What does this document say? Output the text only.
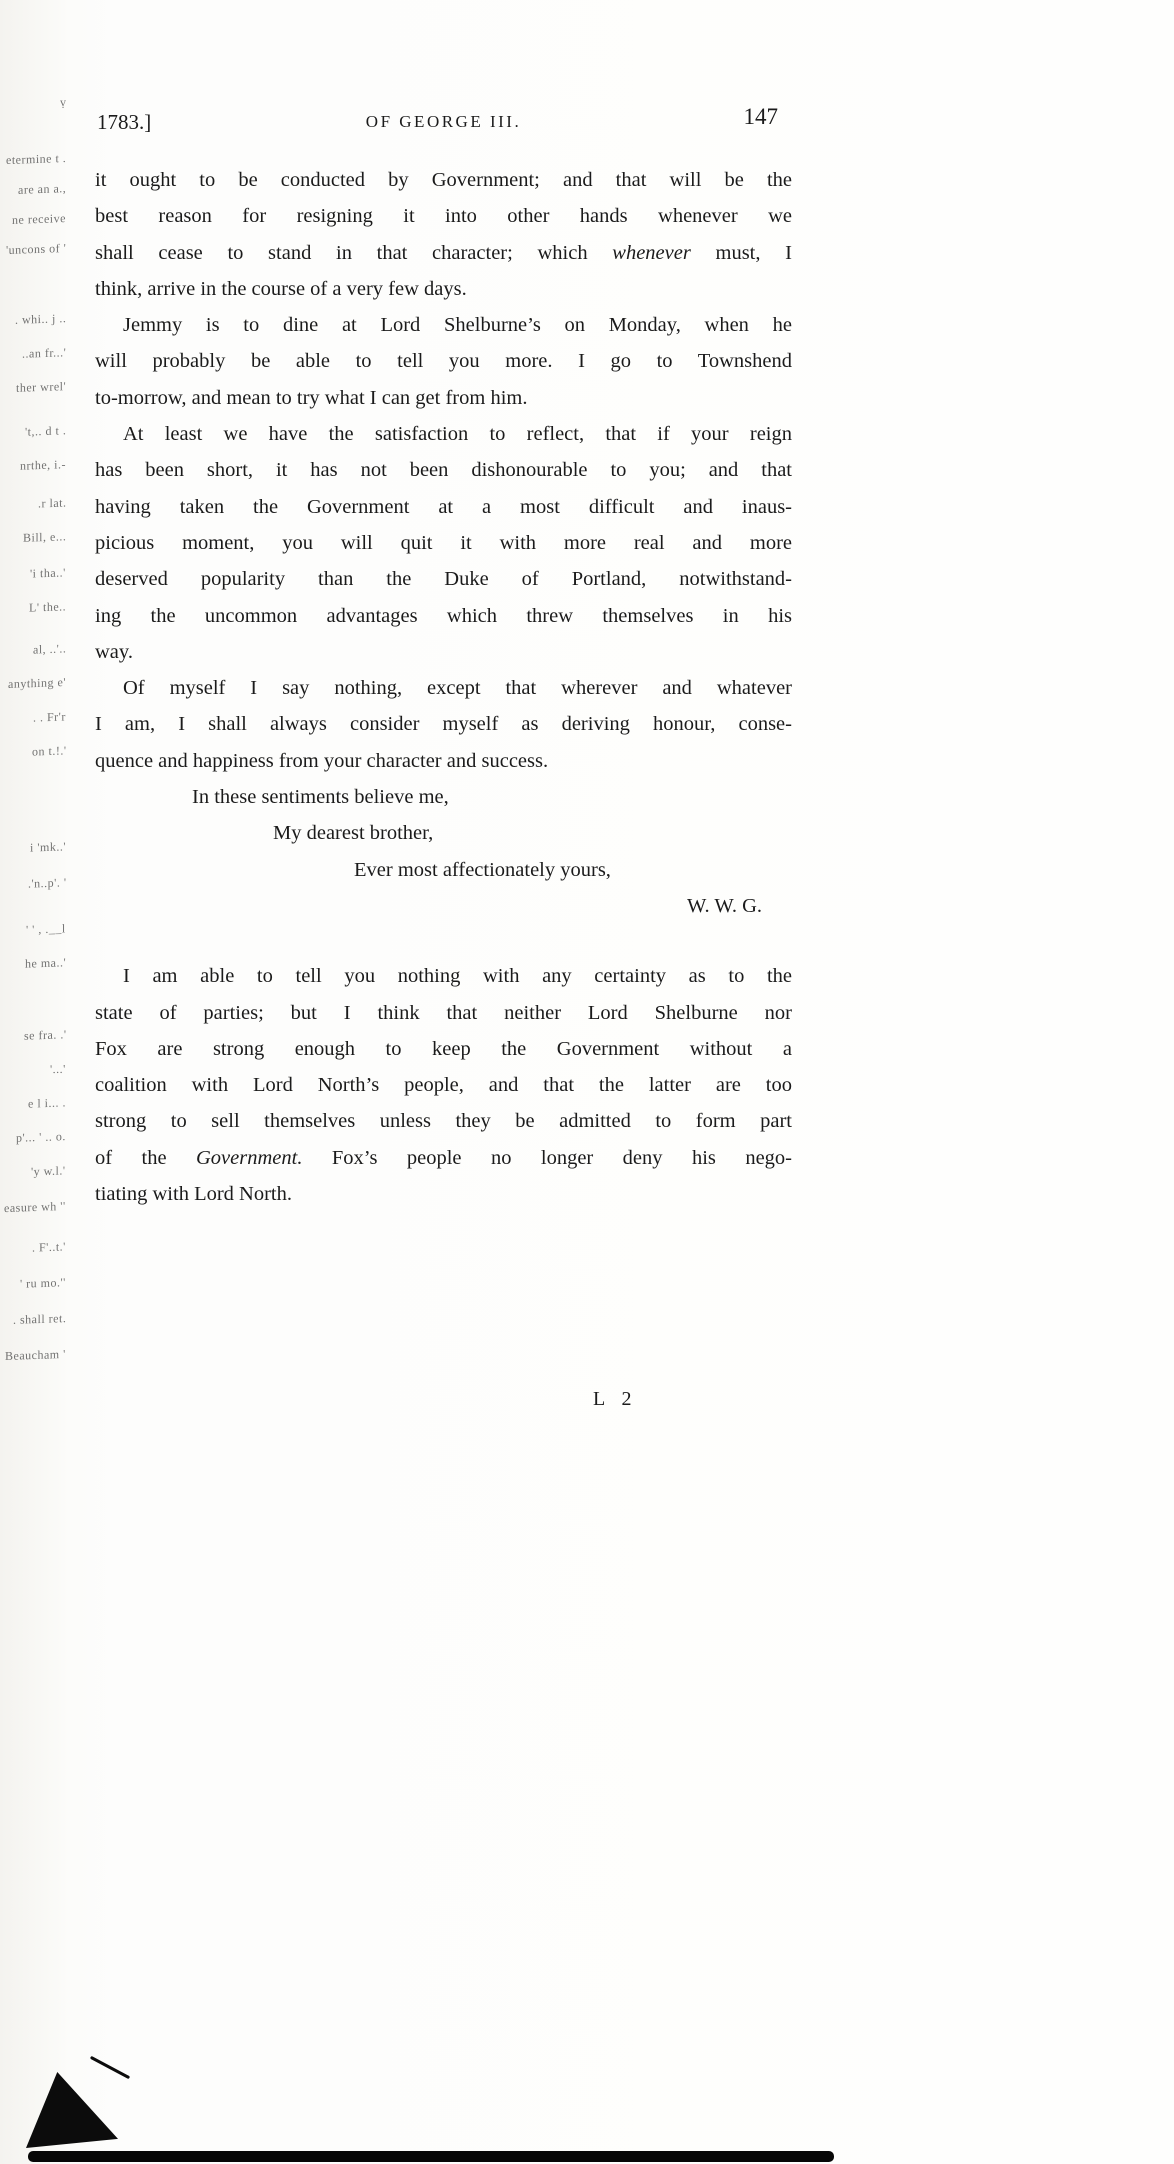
ṿ
etermine t .
are an a.,
ne receive
'uncons of '
. whi.. j ..
..an fr...'
ther wrel'
't,.. d t .
nrthe, i.-
.r lat.
Bill, e...
'i tha..'
L' the..
al, ..'..
anything e'
. . Fr'r
on t.!.'
i 'mk..'
.'n..p'. '
' ' , .__l
he ma..'
se fra. .'
'...'
e l i... .
p'... ' .. o.
'y w.l.'
easure wh ''
. F'..t.'
' ru mo.''
. shall ret.
Beaucham '
1783.]	OF GEORGE III.	147
it ought to be conducted by Government; and that will be the
best reason for resigning it into other hands whenever we
shall cease to stand in that character; which whenever must, I
think, arrive in the course of a very few days.
Jemmy is to dine at Lord Shelburne’s on Monday, when he
will probably be able to tell you more. I go to Townshend
to-morrow, and mean to try what I can get from him.
At least we have the satisfaction to reflect, that if your reign
has been short, it has not been dishonourable to you; and that
having taken the Government at a most difficult and inaus-
picious moment, you will quit it with more real and more
deserved popularity than the Duke of Portland, notwithstand-
ing the uncommon advantages which threw themselves in his
way.
Of myself I say nothing, except that wherever and whatever
I am, I shall always consider myself as deriving honour, conse-
quence and happiness from your character and success.
In these sentiments believe me,
My dearest brother,
Ever most affectionately yours,
W. W. G.
I am able to tell you nothing with any certainty as to the
state of parties; but I think that neither Lord Shelburne nor
Fox are strong enough to keep the Government without a
coalition with Lord North’s people, and that the latter are too
strong to sell themselves unless they be admitted to form part
of the Government. Fox’s people no longer deny his nego-
tiating with Lord North.
L 2
